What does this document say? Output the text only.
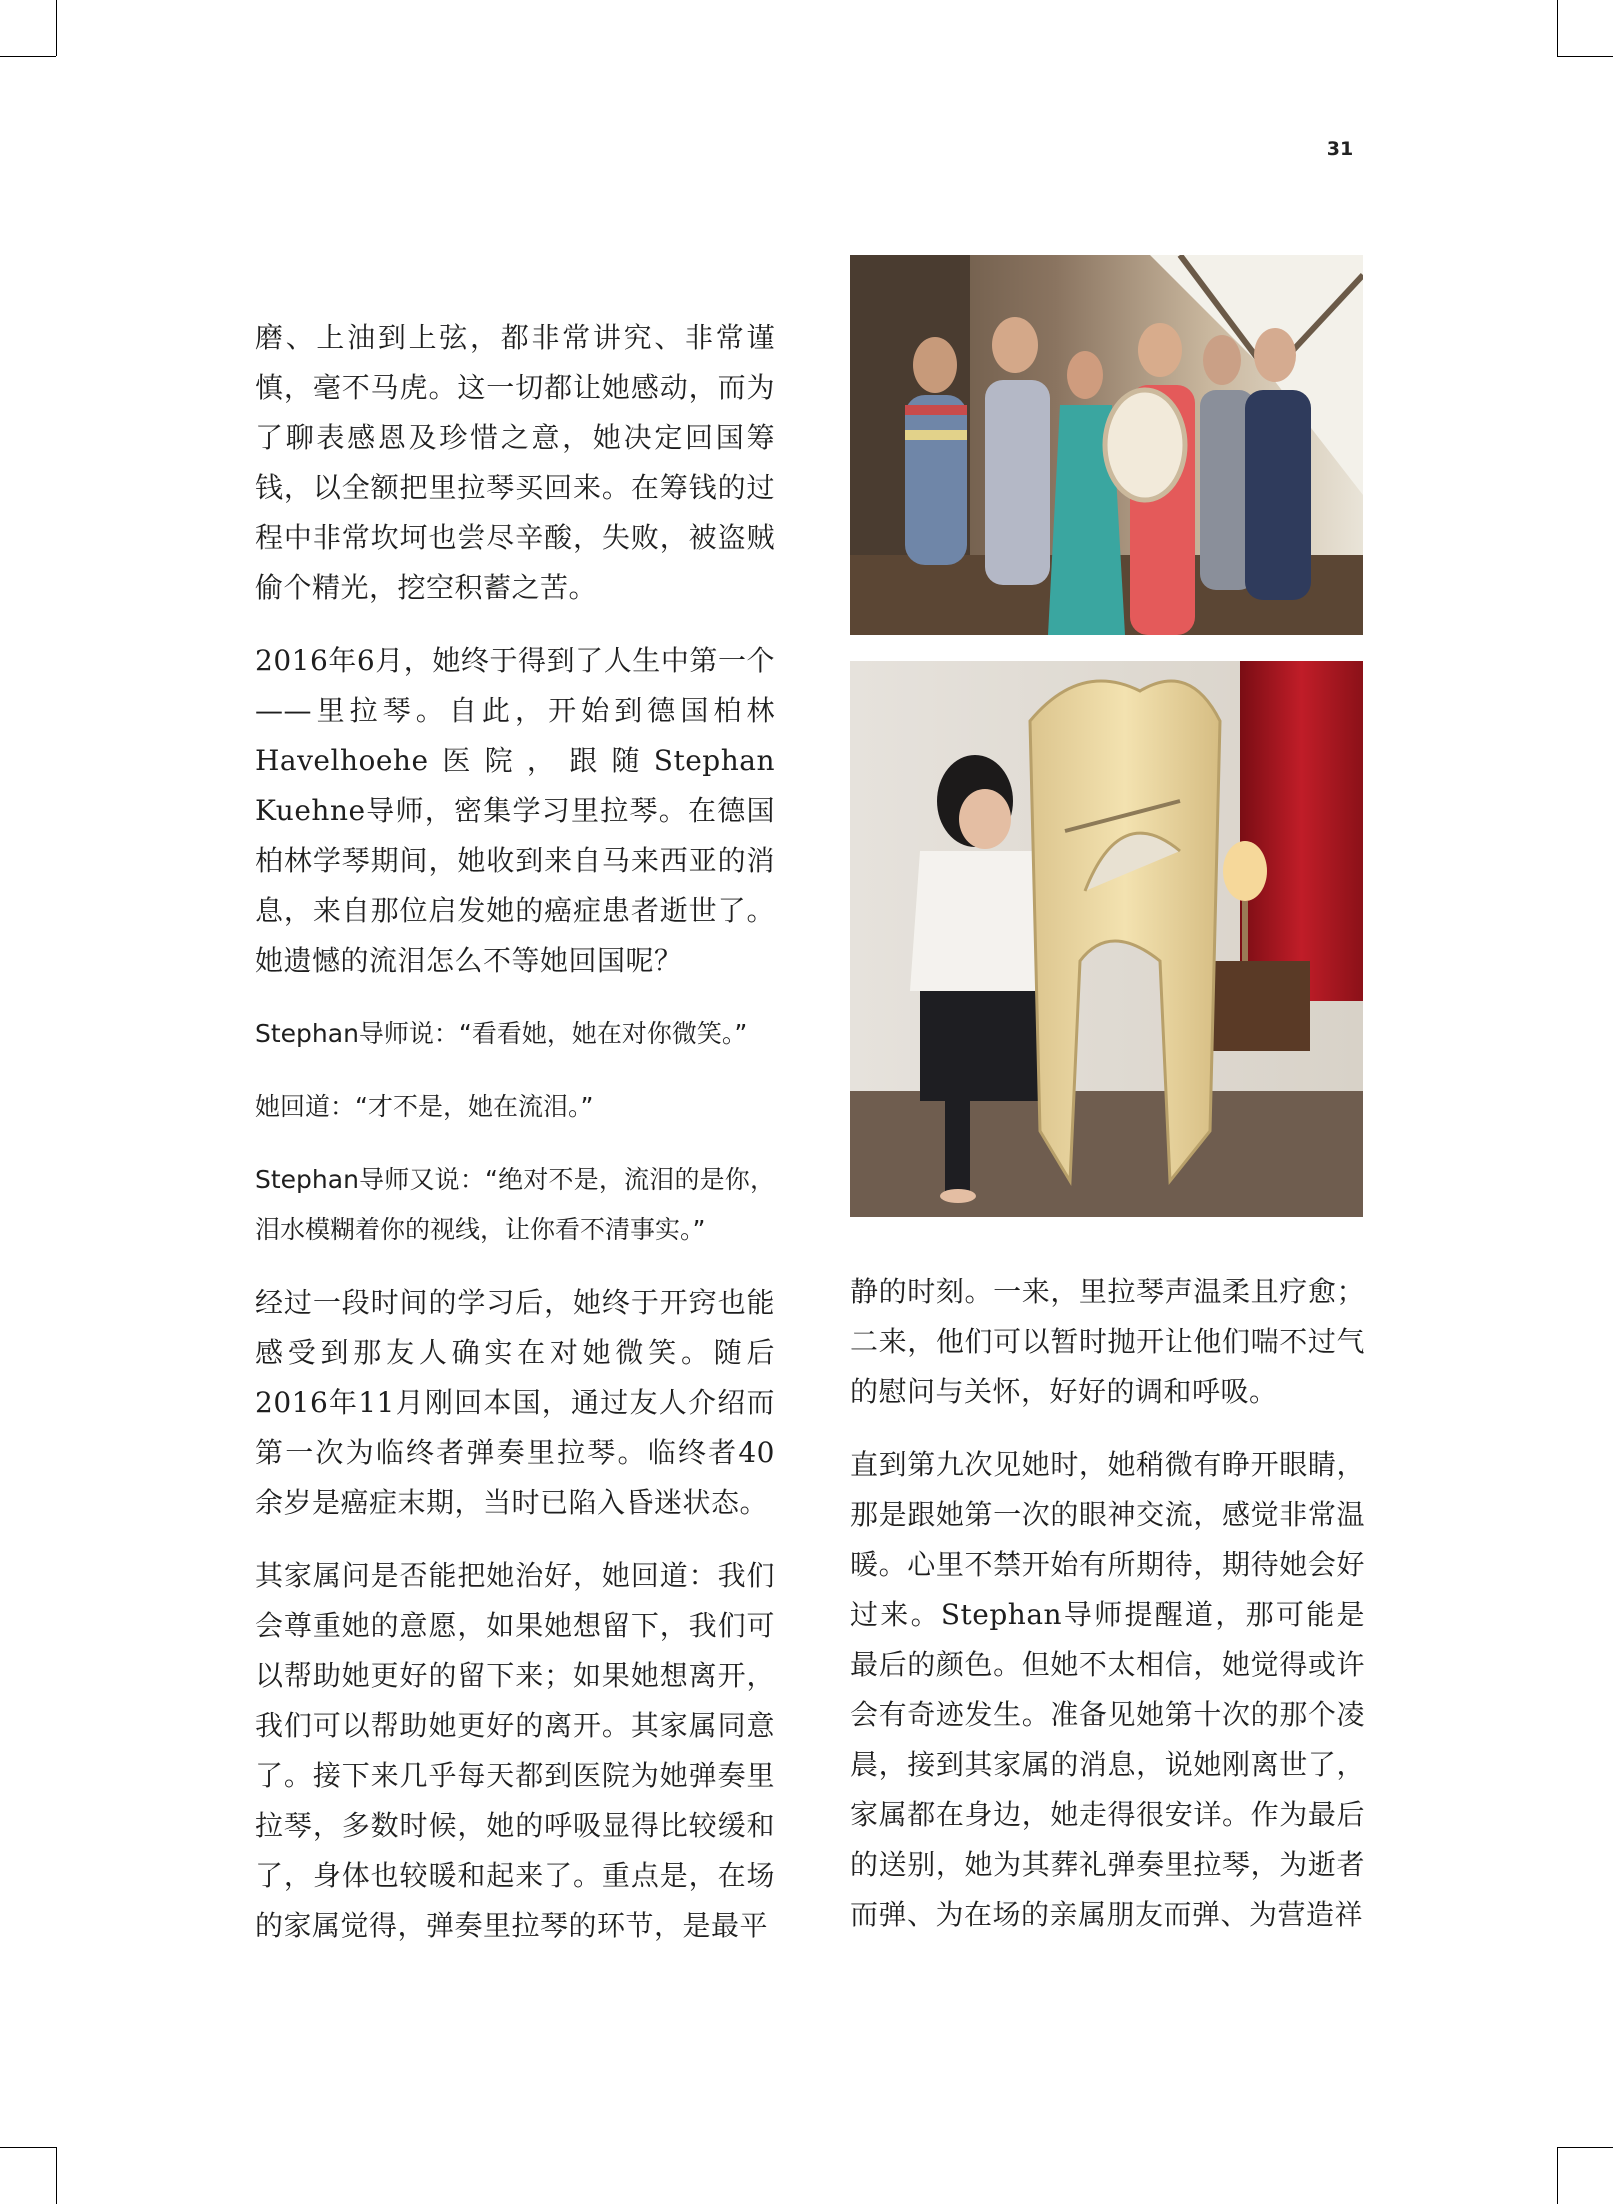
31

磨、上油到上弦，都非常讲究、非常谨慎，毫不马虎。这一切都让她感动，而为了聊表感恩及珍惜之意，她决定回国筹钱，以全额把里拉琴买回来。在筹钱的过程中非常坎坷也尝尽辛酸，失败，被盗贼偷个精光，挖空积蓄之苦。

2016年6月，她终于得到了人生中第一个——里拉琴。自此，开始到德国柏林Havelhoehe医院，跟随Stephan Kuehne导师，密集学习里拉琴。在德国柏林学琴期间，她收到来自马来西亚的消息，来自那位启发她的癌症患者逝世了。她遗憾的流泪怎么不等她回国呢？

Stephan导师说：“看看她，她在对你微笑。”

她回道：“才不是，她在流泪。”

Stephan导师又说：“绝对不是，流泪的是你，泪水模糊着你的视线，让你看不清事实。”

经过一段时间的学习后，她终于开窍也能感受到那友人确实在对她微笑。随后2016年11月刚回本国，通过友人介绍而第一次为临终者弹奏里拉琴。临终者40余岁是癌症末期，当时已陷入昏迷状态。

其家属问是否能把她治好，她回道：我们会尊重她的意愿，如果她想留下，我们可以帮助她更好的留下来；如果她想离开，我们可以帮助她更好的离开。其家属同意了。接下来几乎每天都到医院为她弹奏里拉琴，多数时候，她的呼吸显得比较缓和了，身体也较暖和起来了。重点是，在场的家属觉得，弹奏里拉琴的环节，是最平

静的时刻。一来，里拉琴声温柔且疗愈；二来，他们可以暂时抛开让他们喘不过气的慰问与关怀，好好的调和呼吸。

直到第九次见她时，她稍微有睁开眼睛，那是跟她第一次的眼神交流，感觉非常温暖。心里不禁开始有所期待，期待她会好过来。Stephan导师提醒道，那可能是最后的颜色。但她不太相信，她觉得或许会有奇迹发生。准备见她第十次的那个凌晨，接到其家属的消息，说她刚离世了，家属都在身边，她走得很安详。作为最后的送别，她为其葬礼弹奏里拉琴，为逝者而弹、为在场的亲属朋友而弹、为营造祥
